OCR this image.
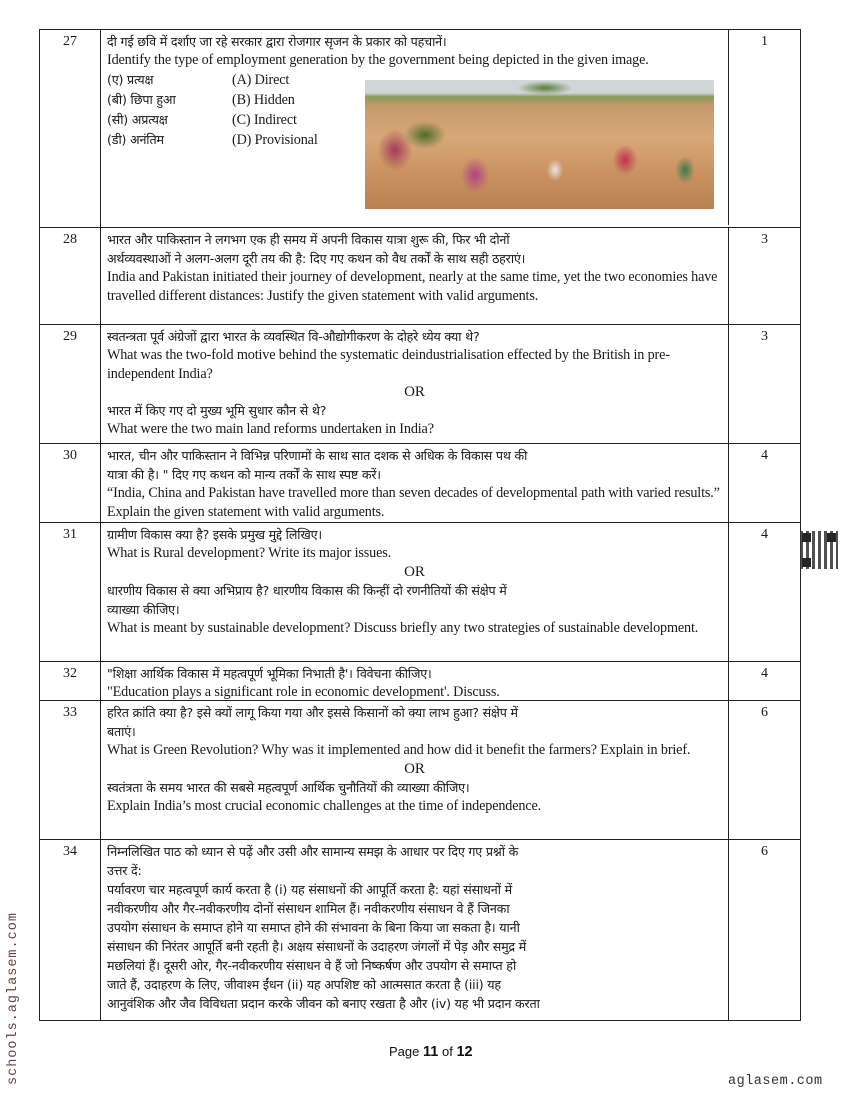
27	दी गई छवि में दर्शाए जा रहे सरकार द्वारा रोजगार सृजन के प्रकार को पहचानें।
Identify the type of employment generation by the government being depicted in the given image.
(ए) प्रत्यक्ष	(A) Direct
(बी) छिपा हुआ	(B) Hidden
(सी) अप्रत्यक्ष	(C) Indirect
(डी) अनंतिम	(D) Provisional
1
28	भारत और पाकिस्तान ने लगभग एक ही समय में अपनी विकास यात्रा शुरू की, फिर भी दोनों
अर्थव्यवस्थाओं ने अलग-अलग दूरी तय की है: दिए गए कथन को वैध तर्कों के साथ सही ठहराएं।
India and Pakistan initiated their journey of development, nearly at the same time, yet the two economies have travelled different distances: Justify the given statement with valid arguments.
3
29	स्वतन्त्रता पूर्व अंग्रेजों द्वारा भारत के व्यवस्थित वि-औद्योगीकरण के दोहरे ध्येय क्या थे?
What was the two-fold motive behind the systematic deindustrialisation effected by the British in pre-independent India?
OR
भारत में किए गए दो मुख्य भूमि सुधार कौन से थे?
What were the two main land reforms undertaken in India?
3
30	भारत, चीन और पाकिस्तान ने विभिन्न परिणामों के साथ सात दशक से अधिक के विकास पथ की
यात्रा की है। " दिए गए कथन को मान्य तर्कों के साथ स्पष्ट करें।
“India, China and Pakistan have travelled more than seven decades of developmental path with varied results.” Explain the given statement with valid arguments.
4
31	ग्रामीण विकास क्या है? इसके प्रमुख मुद्दे लिखिए।
What is Rural development? Write its major issues.
OR
धारणीय विकास से क्या अभिप्राय है? धारणीय विकास की किन्हीं दो रणनीतियों की संक्षेप में
व्याख्या कीजिए।
What is meant by sustainable development? Discuss briefly any two strategies of sustainable development.
4
32	"शिक्षा आर्थिक विकास में महत्वपूर्ण भूमिका निभाती है'। विवेचना कीजिए।
"Education plays a significant role in economic development'. Discuss.
4
33	हरित क्रांति क्या है? इसे क्यों लागू किया गया और इससे किसानों को क्या लाभ हुआ? संक्षेप में
बताएं।
What is Green Revolution? Why was it implemented and how did it benefit the farmers? Explain in brief.
OR
स्वतंत्रता के समय भारत की सबसे महत्वपूर्ण आर्थिक चुनौतियों की व्याख्या कीजिए।
Explain India’s most crucial economic challenges at the time of independence.
6
34	निम्नलिखित पाठ को ध्यान से पढ़ें और उसी और सामान्य समझ के आधार पर दिए गए प्रश्नों के
उत्तर दें:
पर्यावरण चार महत्वपूर्ण कार्य करता है (i) यह संसाधनों की आपूर्ति करता है: यहां संसाधनों में
नवीकरणीय और गैर-नवीकरणीय दोनों संसाधन शामिल हैं। नवीकरणीय संसाधन वे हैं जिनका
उपयोग संसाधन के समाप्त होने या समाप्त होने की संभावना के बिना किया जा सकता है। यानी
संसाधन की निरंतर आपूर्ति बनी रहती है। अक्षय संसाधनों के उदाहरण जंगलों में पेड़ और समुद्र में
मछलियां हैं। दूसरी ओर, गैर-नवीकरणीय संसाधन वे हैं जो निष्कर्षण और उपयोग से समाप्त हो
जाते हैं, उदाहरण के लिए, जीवाश्म ईंधन (ii) यह अपशिष्ट को आत्मसात करता है (iii) यह
आनुवंशिक और जैव विविधता प्रदान करके जीवन को बनाए रखता है और (iv) यह भी प्रदान करता
6
schools.aglasem.com	Page 11 of 12
aglasem.com
